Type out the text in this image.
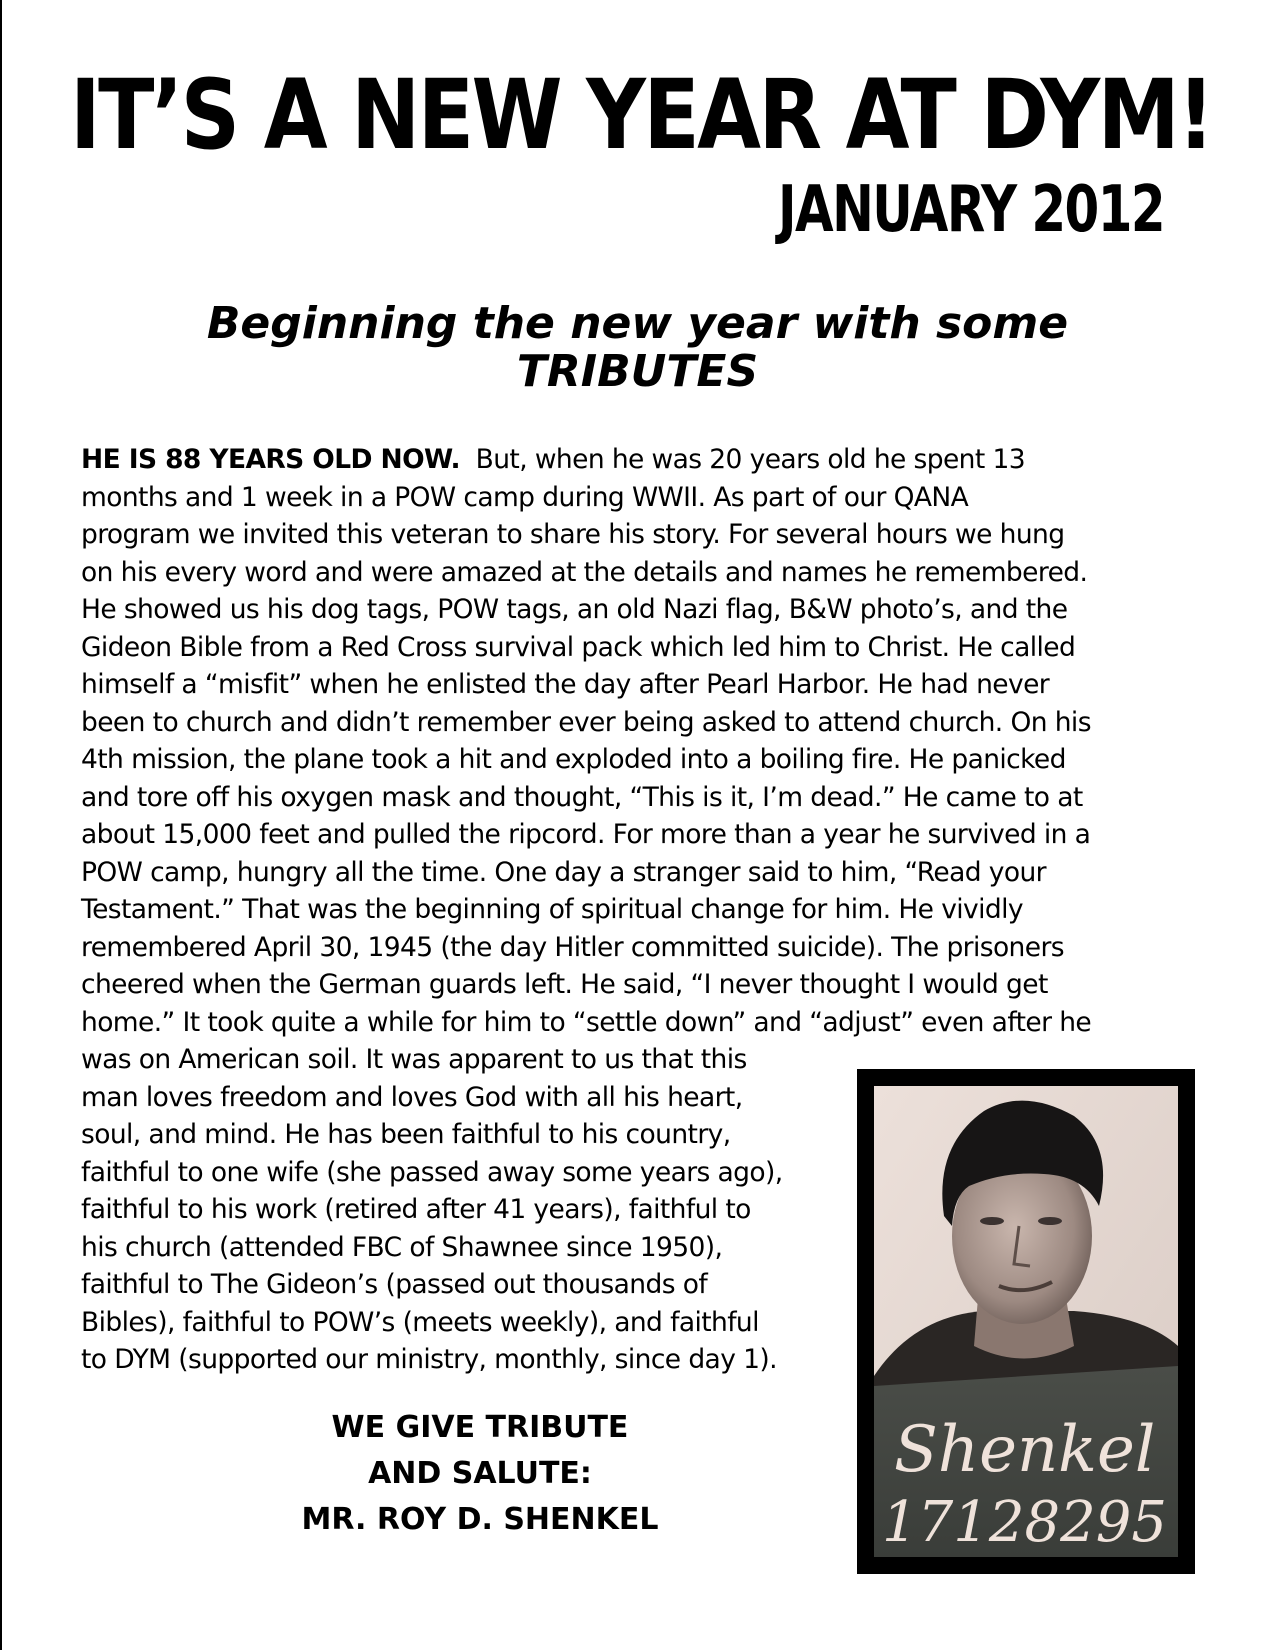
IT’S A NEW YEAR AT DYM!
JANUARY 2012
Beginning the new year with some
TRIBUTES
HE IS 88 YEARS OLD NOW.  But, when he was 20 years old he spent 13
months and 1 week in a POW camp during WWII. As part of our QANA
program we invited this veteran to share his story. For several hours we hung
on his every word and were amazed at the details and names he remembered.
He showed us his dog tags, POW tags, an old Nazi flag, B&W photo’s, and the
Gideon Bible from a Red Cross survival pack which led him to Christ. He called
himself a “misfit” when he enlisted the day after Pearl Harbor. He had never
been to church and didn’t remember ever being asked to attend church. On his
4th mission, the plane took a hit and exploded into a boiling fire. He panicked
and tore off his oxygen mask and thought, “This is it, I’m dead.” He came to at
about 15,000 feet and pulled the ripcord. For more than a year he survived in a
POW camp, hungry all the time. One day a stranger said to him, “Read your
Testament.” That was the beginning of spiritual change for him. He vividly
remembered April 30, 1945 (the day Hitler committed suicide). The prisoners
cheered when the German guards left. He said, “I never thought I would get
home.” It took quite a while for him to “settle down” and “adjust” even after he
was on American soil. It was apparent to us that this
man loves freedom and loves God with all his heart,
soul, and mind. He has been faithful to his country,
faithful to one wife (she passed away some years ago),
faithful to his work (retired after 41 years), faithful to
his church (attended FBC of Shawnee since 1950),
faithful to The Gideon’s (passed out thousands of
Bibles), faithful to POW’s (meets weekly), and faithful
to DYM (supported our ministry, monthly, since day 1).
WE GIVE TRIBUTE
AND SALUTE:
MR. ROY D. SHENKEL
Shenkel
17128295
